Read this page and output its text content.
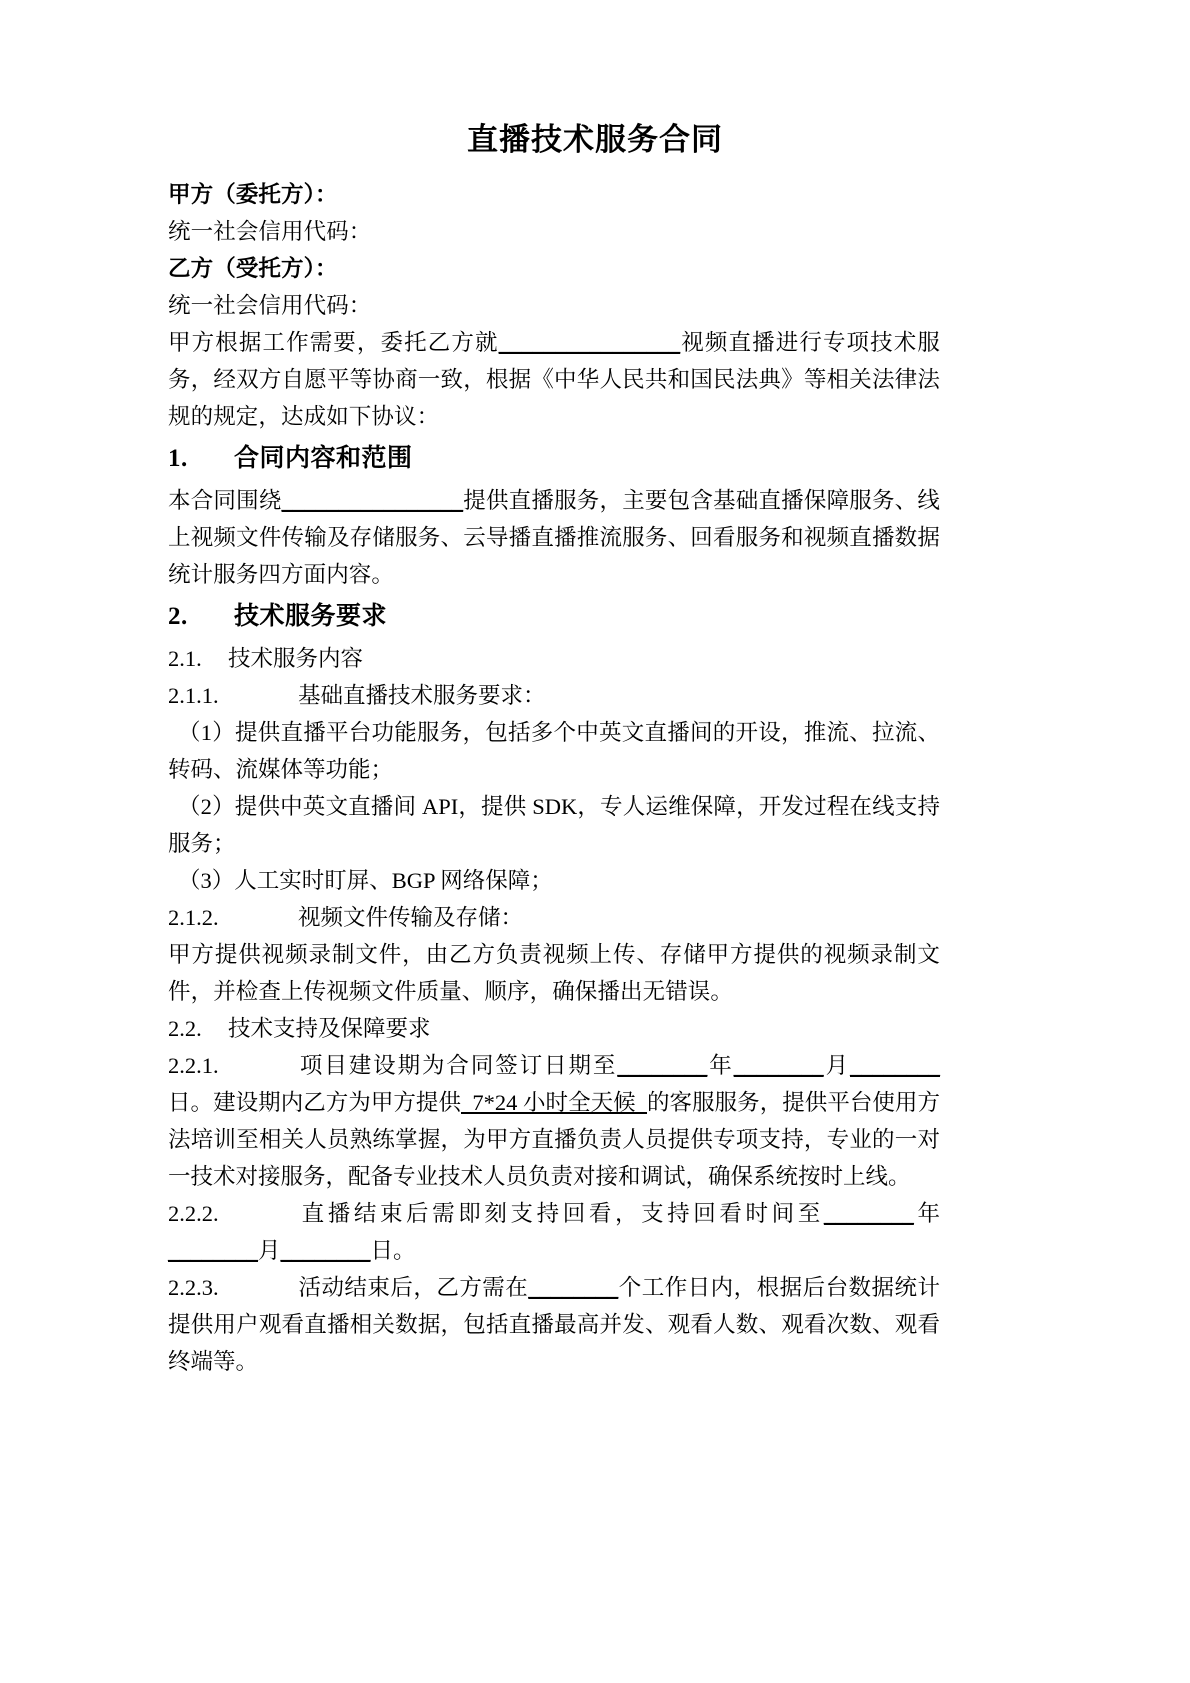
直播技术服务合同

甲方（委托方）：

统一社会信用代码：

乙方（受托方）：

统一社会信用代码：

甲方根据工作需要，委托乙方就________________视频直播进行专项技术服务，经双方自愿平等协商一致，根据《中华人民共和国民法典》等相关法律法规的规定，达成如下协议：

1. 合同内容和范围

本合同围绕________________提供直播服务，主要包含基础直播保障服务、线上视频文件传输及存储服务、云导播直播推流服务、回看服务和视频直播数据统计服务四方面内容。

2. 技术服务要求

2.1. 技术服务内容

2.1.1.	基础直播技术服务要求：

（1）提供直播平台功能服务，包括多个中英文直播间的开设，推流、拉流、转码、流媒体等功能；

（2）提供中英文直播间 API，提供 SDK，专人运维保障，开发过程在线支持服务；

（3）人工实时盯屏、BGP 网络保障；

2.1.2.	视频文件传输及存储：

甲方提供视频录制文件，由乙方负责视频上传、存储甲方提供的视频录制文件，并检查上传视频文件质量、顺序，确保播出无错误。

2.2. 技术支持及保障要求

2.2.1.	项目建设期为合同签订日期至________年________月________日。建设期内乙方为甲方提供  7*24 小时全天候  的客服服务，提供平台使用方法培训至相关人员熟练掌握，为甲方直播负责人员提供专项支持，专业的一对一技术对接服务，配备专业技术人员负责对接和调试，确保系统按时上线。

2.2.2.	直播结束后需即刻支持回看，支持回看时间至________年________月________日。

2.2.3.	活动结束后，乙方需在________个工作日内，根据后台数据统计提供用户观看直播相关数据，包括直播最高并发、观看人数、观看次数、观看终端等。
